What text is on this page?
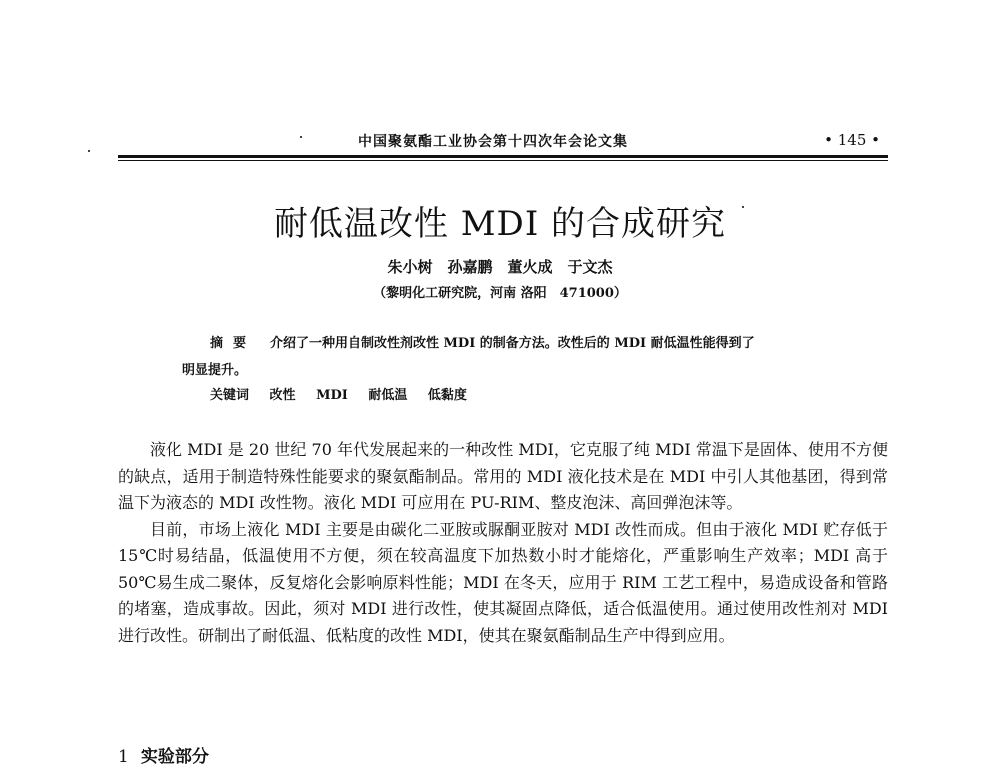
中国聚氨酯工业协会第十四次年会论文集	• 145 •
耐低温改性 MDI 的合成研究
朱小树　孙嘉鹏　董火成　于文杰
（黎明化工研究院，河南 洛阳　471000）
摘要 介绍了一种用自制改性剂改性 MDI 的制备方法。改性后的 MDI 耐低温性能得到了
明显提升。
关键词 改性 MDI 耐低温 低黏度

液化 MDI 是 20 世纪 70 年代发展起来的一种改性 MDI，它克服了纯 MDI 常温下是固体、使用不方便的缺点，适用于制造特殊性能要求的聚氨酯制品。常用的 MDI 液化技术是在 MDI 中引人其他基团，得到常温下为液态的 MDI 改性物。液化 MDI 可应用在 PU-RIM、整皮泡沫、高回弹泡沫等。

目前，市场上液化 MDI 主要是由碳化二亚胺或脲酮亚胺对 MDI 改性而成。但由于液化 MDI 贮存低于 15℃时易结晶，低温使用不方便，须在较高温度下加热数小时才能熔化，严重影响生产效率；MDI 高于 50℃易生成二聚体，反复熔化会影响原料性能；MDI 在冬天，应用于 RIM 工艺工程中，易造成设备和管路的堵塞，造成事故。因此，须对 MDI 进行改性，使其凝固点降低，适合低温使用。通过使用改性剂对 MDI 进行改性。研制出了耐低温、低粘度的改性 MDI，使其在聚氨酯制品生产中得到应用。

1 实验部分
